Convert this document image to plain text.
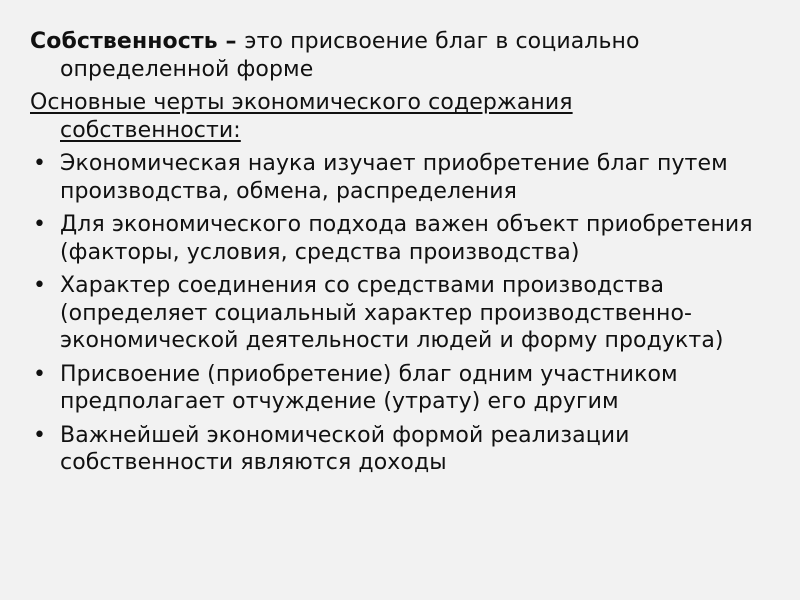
Собственность – это присвоение благ в социально определенной форме

Основные черты экономического содержания собственности:

• Экономическая наука изучает приобретение благ путем производства, обмена, распределения
• Для экономического подхода важен объект приобретения (факторы, условия, средства производства)
• Характер соединения со средствами производства (определяет социальный характер производственно-экономической деятельности людей и форму продукта)
• Присвоение (приобретение) благ одним участником предполагает отчуждение (утрату) его другим
• Важнейшей экономической формой реализации собственности являются доходы
